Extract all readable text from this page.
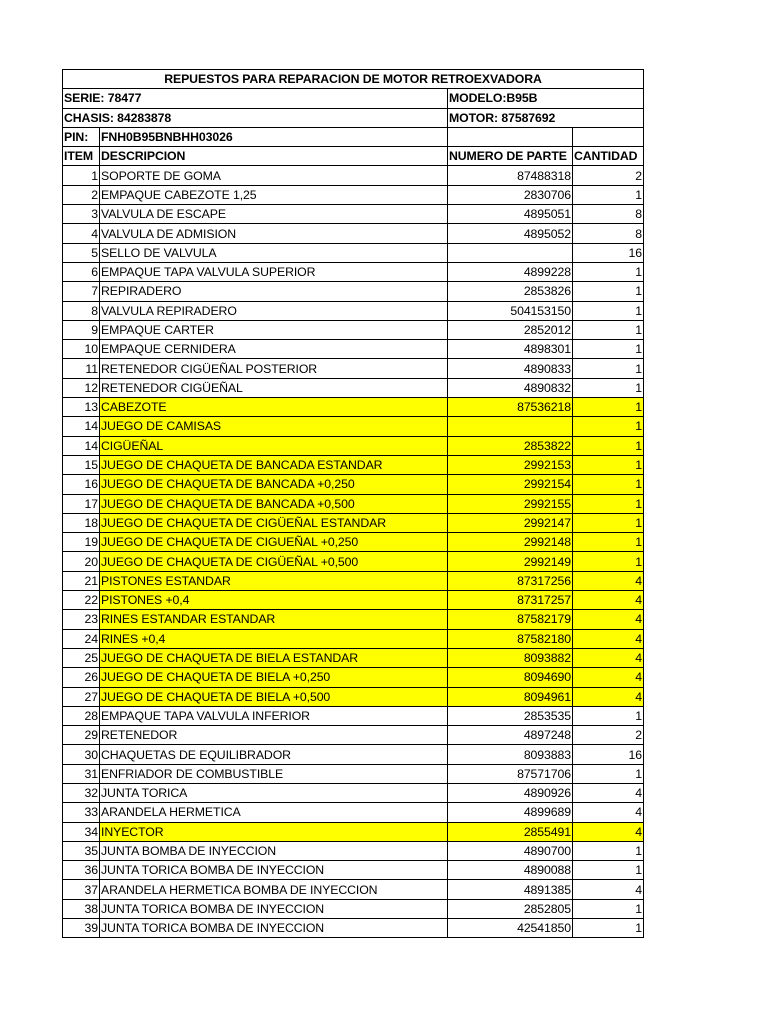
REPUESTOS PARA REPARACION DE MOTOR RETROEXVADORA			
SERIE: 78477		MODELO:B95B	
CHASIS: 84283878		MOTOR: 87587692	
PIN:	FNH0B95BNBHH03026		
ITEM	DESCRIPCION	NUMERO DE PARTE	CANTIDAD
1	SOPORTE DE GOMA	87488318	2
2	EMPAQUE CABEZOTE 1,25	2830706	1
3	VALVULA DE ESCAPE	4895051	8
4	VALVULA DE ADMISION	4895052	8
5	SELLO DE VALVULA		16
6	EMPAQUE TAPA VALVULA SUPERIOR	4899228	1
7	REPIRADERO	2853826	1
8	VALVULA REPIRADERO	504153150	1
9	EMPAQUE CARTER	2852012	1
10	EMPAQUE CERNIDERA	4898301	1
11	RETENEDOR CIGÜEÑAL POSTERIOR	4890833	1
12	RETENEDOR CIGÜEÑAL	4890832	1
13	CABEZOTE	87536218	1
14	JUEGO DE CAMISAS		1
14	CIGÜEÑAL	2853822	1
15	JUEGO DE CHAQUETA DE BANCADA ESTANDAR	2992153	1
16	JUEGO DE CHAQUETA DE BANCADA +0,250	2992154	1
17	JUEGO DE CHAQUETA DE BANCADA +0,500	2992155	1
18	JUEGO DE CHAQUETA DE CIGÜEÑAL ESTANDAR	2992147	1
19	JUEGO DE CHAQUETA DE CIGUEÑAL +0,250	2992148	1
20	JUEGO DE CHAQUETA DE CIGÜEÑAL +0,500	2992149	1
21	PISTONES ESTANDAR	87317256	4
22	PISTONES +0,4	87317257	4
23	RINES ESTANDAR ESTANDAR	87582179	4
24	RINES +0,4	87582180	4
25	JUEGO DE CHAQUETA DE BIELA ESTANDAR	8093882	4
26	JUEGO DE CHAQUETA DE BIELA +0,250	8094690	4
27	JUEGO DE CHAQUETA DE BIELA +0,500	8094961	4
28	EMPAQUE TAPA VALVULA INFERIOR	2853535	1
29	RETENEDOR	4897248	2
30	CHAQUETAS DE EQUILIBRADOR	8093883	16
31	ENFRIADOR DE COMBUSTIBLE	87571706	1
32	JUNTA TORICA	4890926	4
33	ARANDELA HERMETICA	4899689	4
34	INYECTOR	2855491	4
35	JUNTA BOMBA DE INYECCION	4890700	1
36	JUNTA TORICA BOMBA DE INYECCION	4890088	1
37	ARANDELA HERMETICA BOMBA DE INYECCION	4891385	4
38	JUNTA TORICA BOMBA DE INYECCION	2852805	1
39	JUNTA TORICA BOMBA DE INYECCION	42541850	1
